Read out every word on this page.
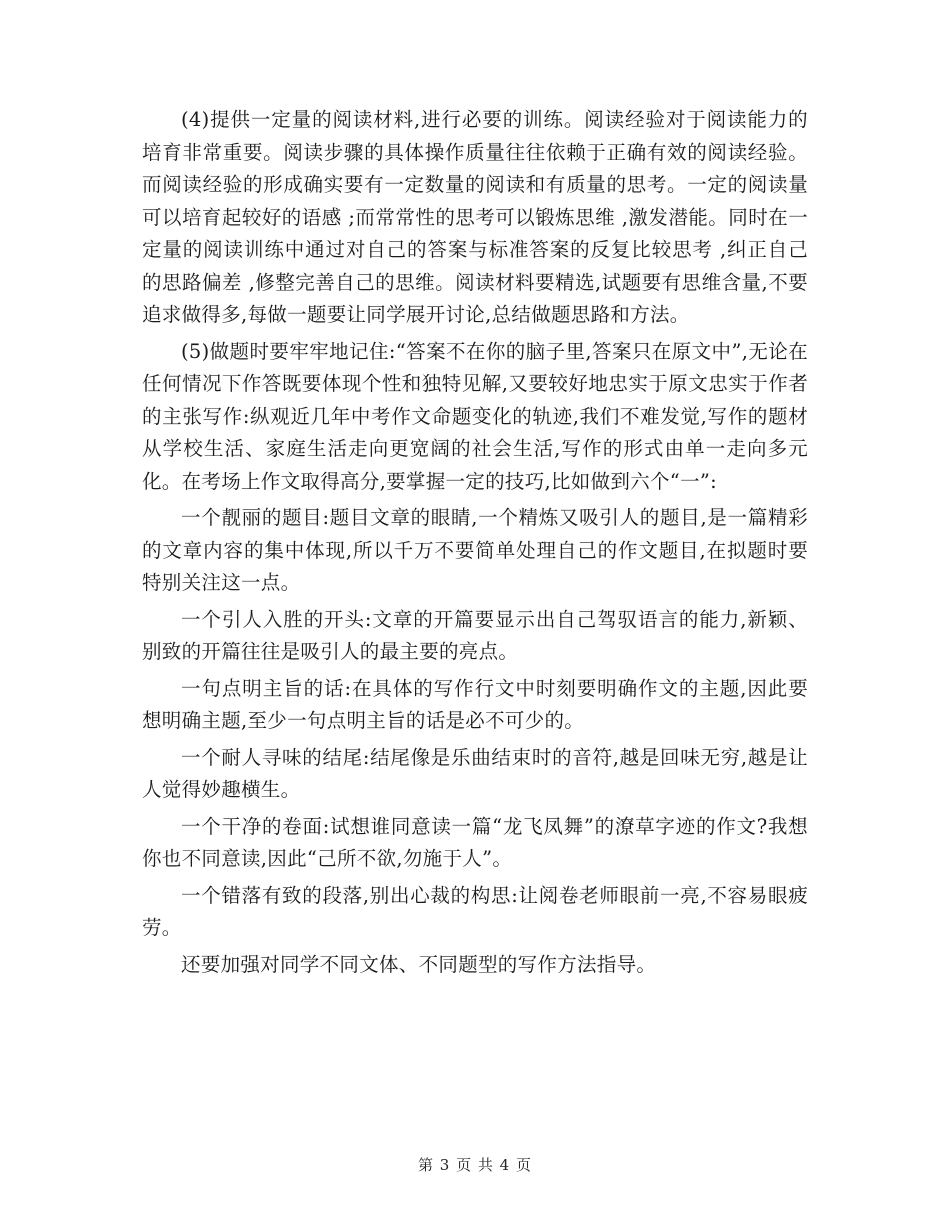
(4)提供一定量的阅读材料,进行必要的训练。阅读经验对于阅读能力的培育非常重要。阅读步骤的具体操作质量往往依赖于正确有效的阅读经验。而阅读经验的形成确实要有一定数量的阅读和有质量的思考。一定的阅读量可以培育起较好的语感 ;而常常性的思考可以锻炼思维 ,激发潜能。同时在一定量的阅读训练中通过对自己的答案与标准答案的反复比较思考 ,纠正自己的思路偏差 ,修整完善自己的思维。阅读材料要精选,试题要有思维含量,不要追求做得多,每做一题要让同学展开讨论,总结做题思路和方法。

(5)做题时要牢牢地记住:“答案不在你的脑子里,答案只在原文中”,无论在任何情况下作答既要体现个性和独特见解,又要较好地忠实于原文忠实于作者的主张写作:纵观近几年中考作文命题变化的轨迹,我们不难发觉,写作的题材从学校生活、家庭生活走向更宽阔的社会生活,写作的形式由单一走向多元化。在考场上作文取得高分,要掌握一定的技巧,比如做到六个“一”:

一个靓丽的题目:题目文章的眼睛,一个精炼又吸引人的题目,是一篇精彩的文章内容的集中体现,所以千万不要简单处理自己的作文题目,在拟题时要特别关注这一点。

一个引人入胜的开头:文章的开篇要显示出自己驾驭语言的能力,新颖、别致的开篇往往是吸引人的最主要的亮点。

一句点明主旨的话:在具体的写作行文中时刻要明确作文的主题,因此要想明确主题,至少一句点明主旨的话是必不可少的。

一个耐人寻味的结尾:结尾像是乐曲结束时的音符,越是回味无穷,越是让人觉得妙趣横生。

一个干净的卷面:试想谁同意读一篇“龙飞凤舞”的潦草字迹的作文?我想你也不同意读,因此“己所不欲,勿施于人”。

一个错落有致的段落,别出心裁的构思:让阅卷老师眼前一亮,不容易眼疲劳。

还要加强对同学不同文体、不同题型的写作方法指导。

第 3 页 共 4 页
